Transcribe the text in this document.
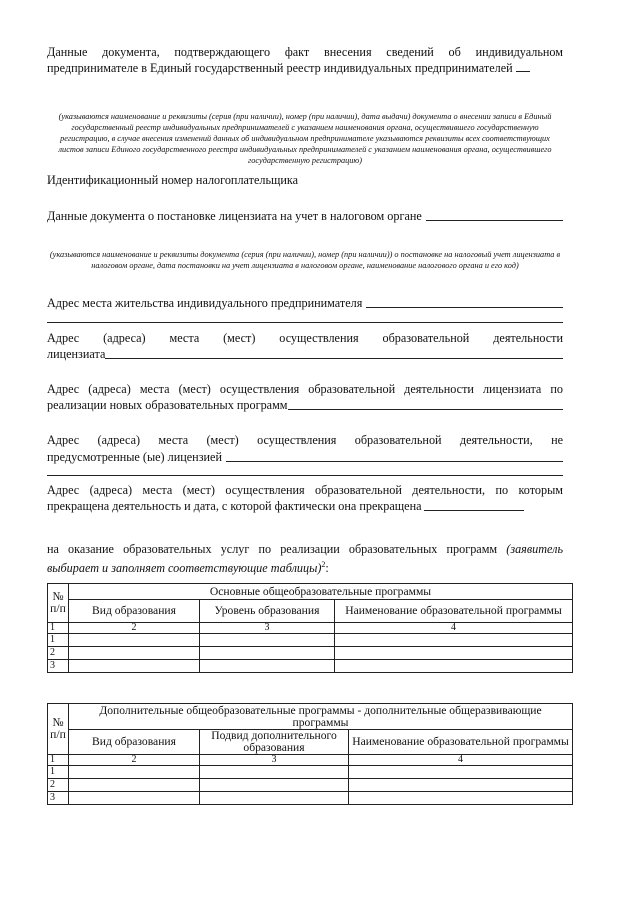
Данные документа, подтверждающего факт внесения сведений об индивидуальном предпринимателе в Единый государственный реестр индивидуальных предпринимателей

(указываются наименование и реквизиты (серия (при наличии), номер (при наличии), дата выдачи) документа о внесении записи в Единый государственный реестр индивидуальных предпринимателей с указанием наименования органа, осуществившего государственную регистрацию, в случае внесения изменений данных об индивидуальном предпринимателе указываются реквизиты всех соответствующих листов записи Единого государственного реестра индивидуальных предпринимателей с указанием наименования органа, осуществившего государственную регистрацию)

Идентификационный номер налогоплательщика

Данные документа о постановке лицензиата на учет в налоговом органе

(указываются наименование и реквизиты документа (серия (при наличии), номер (при наличии)) о постановке на налоговый учет лицензиата в налоговом органе, дата постановки на учет лицензиата в налоговом органе, наименование налогового органа и его код)

Адрес места жительства индивидуального предпринимателя

Адрес (адреса) места (мест) осуществления образовательной деятельности

лицензиата

Адрес (адреса) места (мест) осуществления образовательной деятельности лицензиата по

реализации новых образовательных программ

Адрес (адреса) места (мест) осуществления образовательной деятельности, не

предусмотренные (ые) лицензией

Адрес (адреса) места (мест) осуществления образовательной деятельности, по которым

прекращена деятельность и дата, с которой фактически она прекращена

на оказание образовательных услуг по реализации образовательных программ (заявитель выбирает и заполняет соответствующие таблицы)$^2$:

№ п/п	Основные общеобразовательные программы		
	Вид образования	Уровень образования	Наименование образовательной программы
1	2	3	4
1			
2			
3			
№ п/п	Дополнительные общеобразовательные программы - дополнительные общеразвивающие программы		
	Вид образования	Подвид дополнительного образования	Наименование образовательной программы
1	2	3	4
1			
2			
3			
